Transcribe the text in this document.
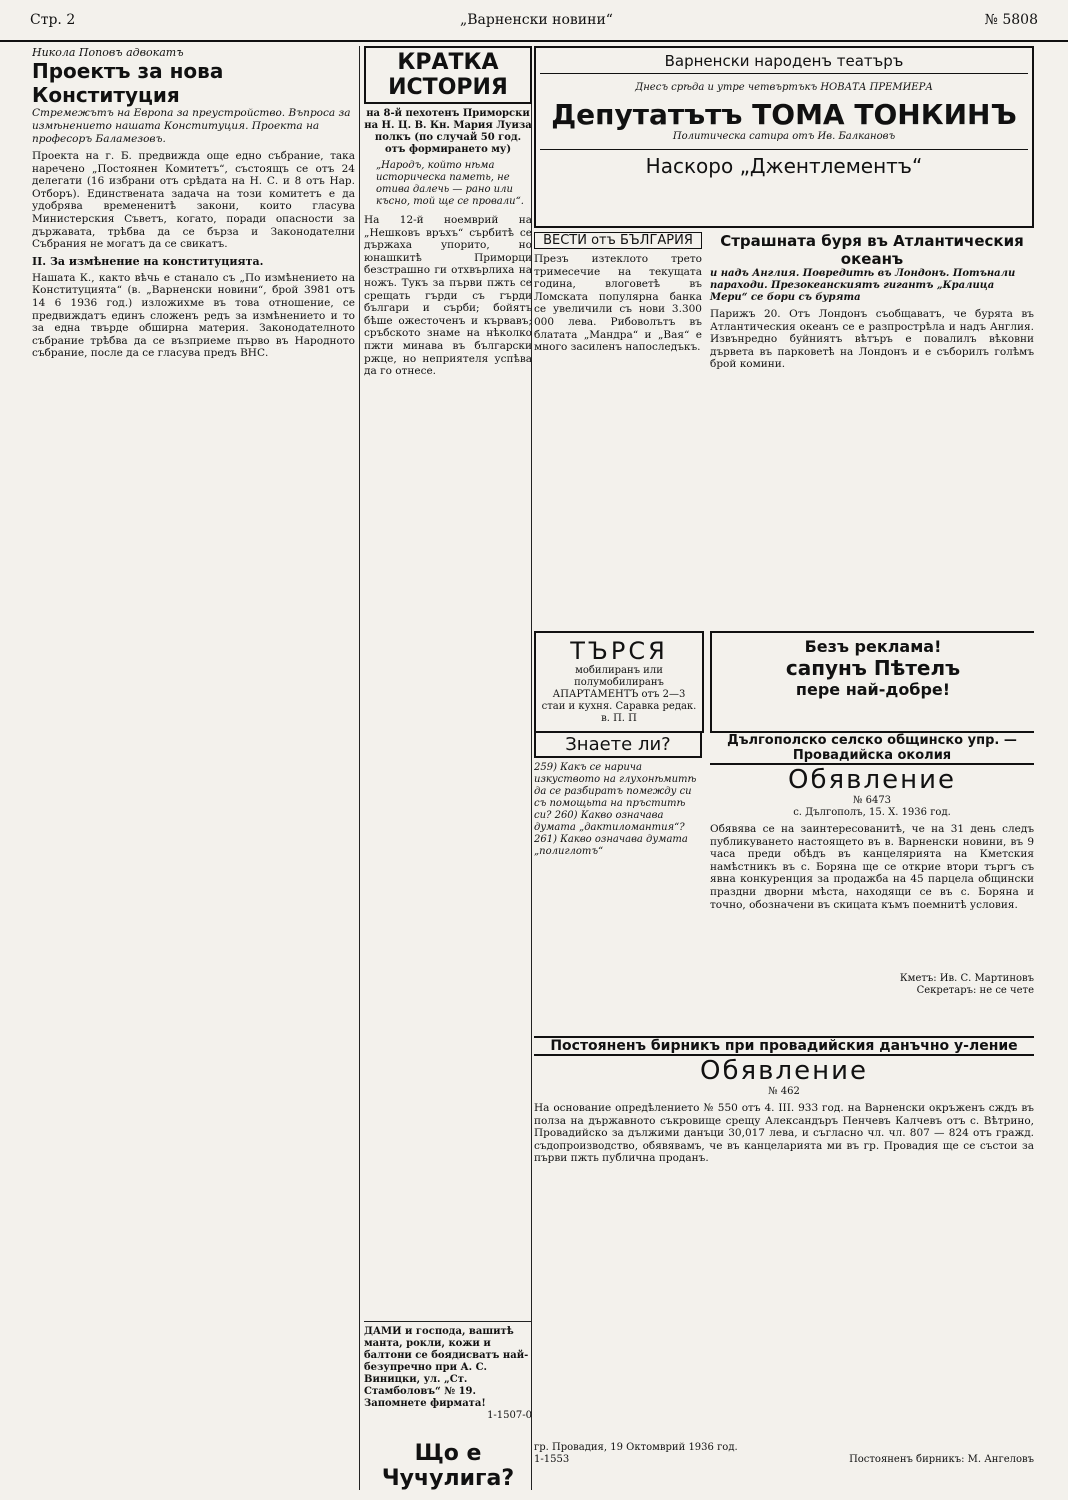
Стр. 2	„Варненски новини“	№ 5808
Никола Поповъ адвокатъ
Проектъ за нова Конституция
Стремежътъ на Европа за преустройство. Въпроса за измѣнението нашата Конституция. Проекта на професоръ Баламезовъ.
Проекта на г. Б. предвижда още едно събрание, така наречено „Постоянен Комитетъ“, състоящъ се отъ 24 делегати (16 избрани отъ срѣдата на Н. С. и 8 отъ Нар. Отборъ). Единствената задача на този комитетъ е да удобрява времененитѣ закони, които гласува Министерския Съветъ, когато, поради опасности за държавата, трѣбва да се бърза и Законодателни Събрания не могатъ да се свикатъ.
II. За измѣнение на конституцията.
Нашата К., както вѣчь е станало съ „По измѣнението на Конституцията“ (в. „Варненски новини“, брой 3981 отъ 14 6 1936 год.) изложихме въ това отношение, се предвиждатъ единъ сложенъ редъ за измѣнението и то за една твърде обширна материя. Законодателното събрание трѣбва да се възприеме първо въ Народното събрание, после да се гласува предъ ВНС.
КРАТКА ИСТОРИЯ
на 8-й пехотенъ Приморски на Н. Ц. В. Кн. Мария Луиза полкъ (по случай 50 год. отъ формирането му)
„Народъ, който нѣма историческа паметь, не отива далечь — рано или късно, той ще се провали“.
На 12-й ноемврий на „Нешковъ връхъ“ сърбитѣ се държаха упорито, но юнашкитѣ Приморци безстрашно ги отхвърлиха на ножъ. Тукъ за първи пжть се срещать гърди съ гърди българи и сърби; бойятъ бѣше ожесточенъ и кървавъ; сръбското знаме на нѣколко пжти минава въ български ржце, но неприятеля успѣва да го отнесе.
ДАМИ и господа, вашитѣ манта, рокли, кожи и балтони се боядисватъ най-безупречно при А. С. Виницки, ул. „Ст. Стамболовъ“ № 19. Запомнете фирмата!
1-1507-0
Що е Чучулига?
Варненски народенъ театъръ
Днесъ срѣда и утре четвъртъкъ НОВАТА ПРЕМИЕРА
Депутатътъ ТОМА ТОНКИНЪ
Политическа сатира отъ Ив. Балкановъ
Наскоро „Джентлементъ“
ВЕСТИ отъ БЪЛГАРИЯ
Презъ изтеклото трето тримесечие на текущата година, влоговетѣ въ Ломската популярна банка се увеличили съ нови 3.300 000 лева. Рибоволътъ въ блатата „Мандра“ и „Вая“ е много засиленъ напоследъкъ.
Страшната буря въ Атлантическия океанъ
и надъ Англия. Повредитѣ въ Лондонъ. Потънали параходи. Презокеанскиятъ гигантъ „Кралица Мери“ се бори съ бурята
Парижъ 20. Отъ Лондонъ съобщаватъ, че бурята въ Атлантическия океанъ се е разпрострѣла и надъ Англия. Извънредно буйниятъ вѣтъръ е повалилъ вѣковни дървета въ парковетѣ на Лондонъ и е съборилъ голѣмъ брой комини.
ТЪРСЯ
мобилиранъ или полумобилиранъ АПАРТАМЕНТЪ отъ 2—3 стаи и кухня. Саравка редак. в. П. П
Безъ реклама!
сапунъ Пѣтелъ
пере най-добре!
Знаете ли?
259) Какъ се нарича изкуството на глухонѣмитѣ да се разбиратъ помежду си съ помощьта на пръститѣ си? 260) Какво означава думата „дактиломантия“? 261) Какво означава думата „полиглотъ“
Дългополско селско общинско упр. — Провадийска околия
Обявление
№ 6473
с. Дългополъ, 15. X. 1936 год.
Обявява се на заинтересованитѣ, че на 31 день следъ публикуването настоящето въ в. Варненски новини, въ 9 часа преди обѣдъ въ канцелярията на Кметския намѣстникъ въ с. Боряна ще се открие втори търгъ съ явна конкуренция за продажба на 45 парцела общински праздни дворни мѣста, находящи се въ с. Боряна и точно, обозначени въ скицата къмъ поемнитѣ условия.
Кметъ: Ив. С. Мартиновъ
Секретаръ: не се чете
Постояненъ бирникъ при провадийския данъчно у-ление
Обявление
№ 462
На основание опредѣлението № 550 отъ 4. III. 933 год. на Варненски окръженъ сждъ въ полза на държавното съкровище срещу Александъръ Пенчевъ Калчевъ отъ с. Вѣтрино, Провадийско за дължими данъци 30,017 лева, и съгласно чл. чл. 807 — 824 отъ гражд. съдопроизводство, обявявамъ, че въ канцеларията ми въ гр. Провадия ще се състои за първи пжть публична проданъ.
гр. Провадия, 19 Октомврий 1936 год.
1-1553	Постояненъ бирникъ: М. Ангеловъ
